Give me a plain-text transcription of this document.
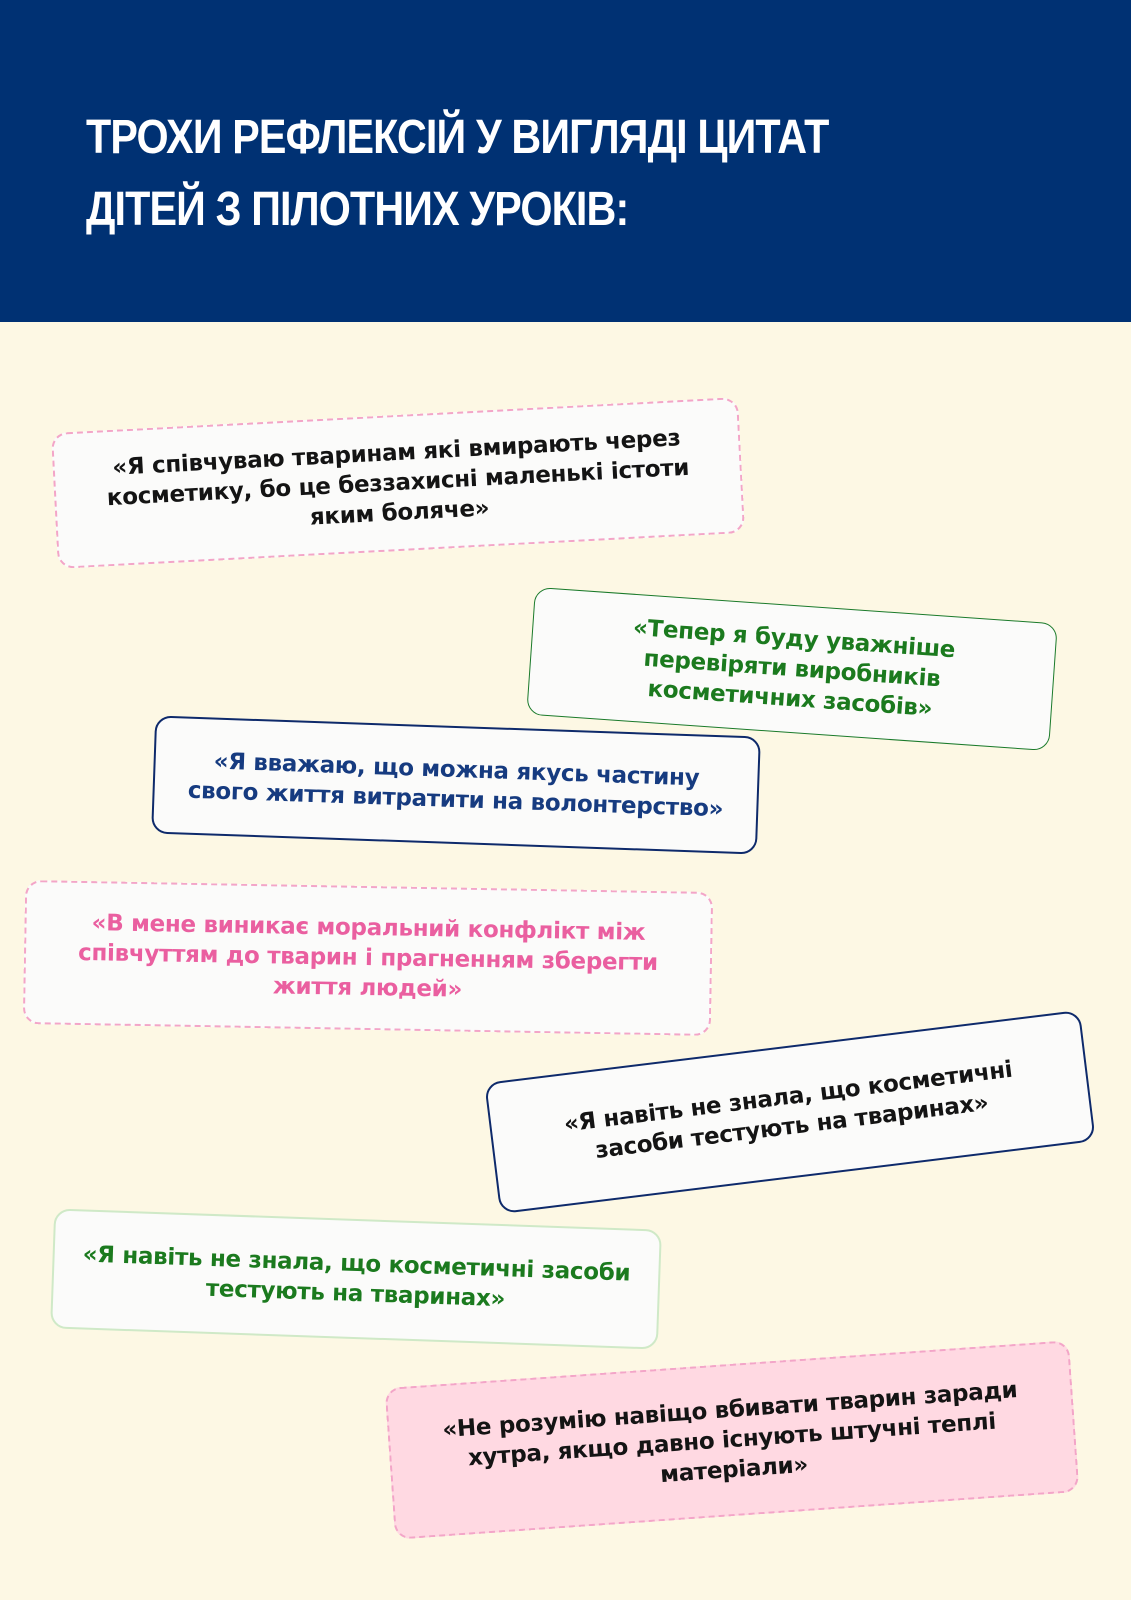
ТРОХИ РЕФЛЕКСІЙ У ВИГЛЯДІ ЦИТАТ
ДІТЕЙ З ПІЛОТНИХ УРОКІВ:

«Я співчуваю тваринам які вмирають через косметику, бо це беззахисні маленькі істоти яким боляче»

«Тепер я буду уважніше перевіряти виробників косметичних засобів»

«Я вважаю, що можна якусь частину свого життя витратити на волонтерство»

«В мене виникає моральний конфлікт між співчуттям до тварин і прагненням зберегти життя людей»

«Я навіть не знала, що косметичні засоби тестують на тваринах»

«Я навіть не знала, що косметичні засоби тестують на тваринах»

«Не розумію навіщо вбивати тварин заради хутра, якщо давно існують штучні теплі матеріали»
